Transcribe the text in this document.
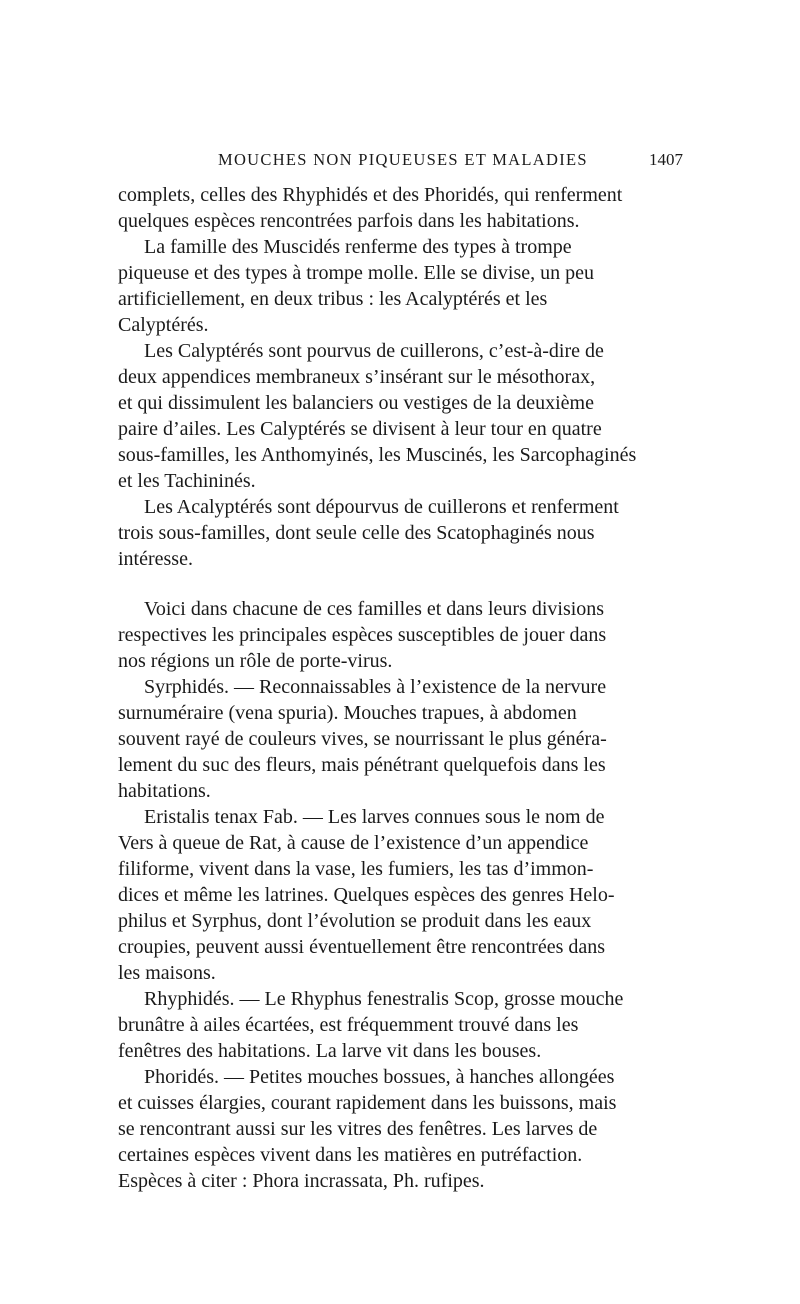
MOUCHES NON PIQUEUSES ET MALADIES	1407
complets, celles des Rhyphidés et des Phoridés, qui renferment
quelques espèces rencontrées parfois dans les habitations.
La famille des Muscidés renferme des types à trompe
piqueuse et des types à trompe molle. Elle se divise, un peu
artificiellement, en deux tribus : les Acalyptérés et les
Calyptérés.
Les Calyptérés sont pourvus de cuillerons, c’est-à-dire de
deux appendices membraneux s’insérant sur le mésothorax,
et qui dissimulent les balanciers ou vestiges de la deuxième
paire d’ailes. Les Calyptérés se divisent à leur tour en quatre
sous-familles, les Anthomyinés, les Muscinés, les Sarcophaginés
et les Tachininés.
Les Acalyptérés sont dépourvus de cuillerons et renferment
trois sous-familles, dont seule celle des Scatophaginés nous
intéresse.
Voici dans chacune de ces familles et dans leurs divisions
respectives les principales espèces susceptibles de jouer dans
nos régions un rôle de porte-virus.
Syrphidés. — Reconnaissables à l’existence de la nervure
surnuméraire (vena spuria). Mouches trapues, à abdomen
souvent rayé de couleurs vives, se nourrissant le plus généra-
lement du suc des fleurs, mais pénétrant quelquefois dans les
habitations.
Eristalis tenax Fab. — Les larves connues sous le nom de
Vers à queue de Rat, à cause de l’existence d’un appendice
filiforme, vivent dans la vase, les fumiers, les tas d’immon-
dices et même les latrines. Quelques espèces des genres Helo-
philus et Syrphus, dont l’évolution se produit dans les eaux
croupies, peuvent aussi éventuellement être rencontrées dans
les maisons.
Rhyphidés. — Le Rhyphus fenestralis Scop, grosse mouche
brunâtre à ailes écartées, est fréquemment trouvé dans les
fenêtres des habitations. La larve vit dans les bouses.
Phoridés. — Petites mouches bossues, à hanches allongées
et cuisses élargies, courant rapidement dans les buissons, mais
se rencontrant aussi sur les vitres des fenêtres. Les larves de
certaines espèces vivent dans les matières en putréfaction.
Espèces à citer : Phora incrassata, Ph. rufipes.
